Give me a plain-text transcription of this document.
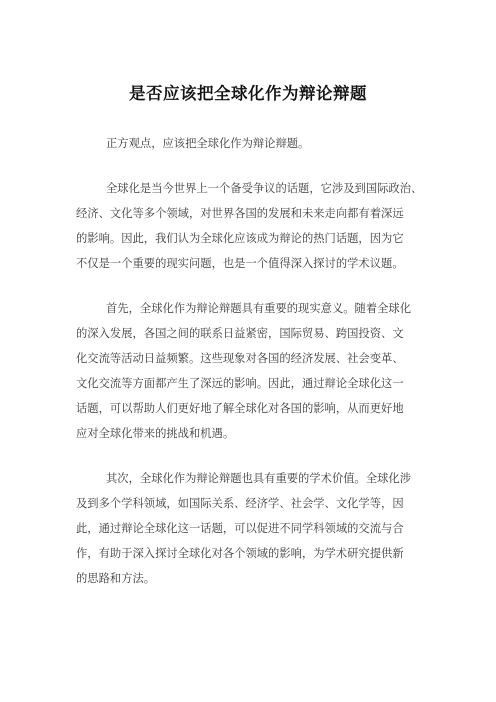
是否应该把全球化作为辩论辩题
正方观点，应该把全球化作为辩论辩题。
全球化是当今世界上一个备受争议的话题，它涉及到国际政治、
经济、文化等多个领域，对世界各国的发展和未来走向都有着深远
的影响。因此，我们认为全球化应该成为辩论的热门话题，因为它
不仅是一个重要的现实问题，也是一个值得深入探讨的学术议题。
首先，全球化作为辩论辩题具有重要的现实意义。随着全球化
的深入发展，各国之间的联系日益紧密，国际贸易、跨国投资、文
化交流等活动日益频繁。这些现象对各国的经济发展、社会变革、
文化交流等方面都产生了深远的影响。因此，通过辩论全球化这一
话题，可以帮助人们更好地了解全球化对各国的影响，从而更好地
应对全球化带来的挑战和机遇。
其次，全球化作为辩论辩题也具有重要的学术价值。全球化涉
及到多个学科领域，如国际关系、经济学、社会学、文化学等，因
此，通过辩论全球化这一话题，可以促进不同学科领域的交流与合
作，有助于深入探讨全球化对各个领域的影响，为学术研究提供新
的思路和方法。
